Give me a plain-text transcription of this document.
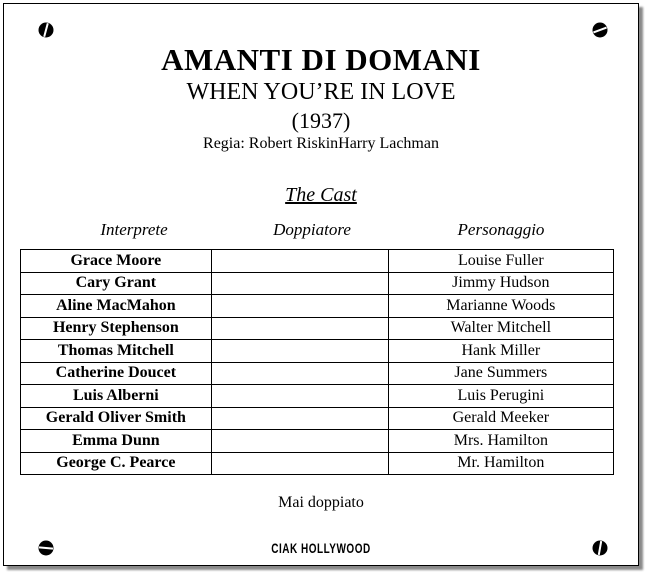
AMANTI DI DOMANI
WHEN YOU’RE IN LOVE
(1937)
Regia: Robert RiskinHarry Lachman
The Cast
Interprete	Doppiatore	Personaggio
Grace Moore		Louise Fuller
Cary Grant		Jimmy Hudson
Aline MacMahon		Marianne Woods
Henry Stephenson		Walter Mitchell
Thomas Mitchell		Hank Miller
Catherine Doucet		Jane Summers
Luis Alberni		Luis Perugini
Gerald Oliver Smith		Gerald Meeker
Emma Dunn		Mrs. Hamilton
George C. Pearce		Mr. Hamilton
Mai doppiato
CIAK HOLLYWOOD
